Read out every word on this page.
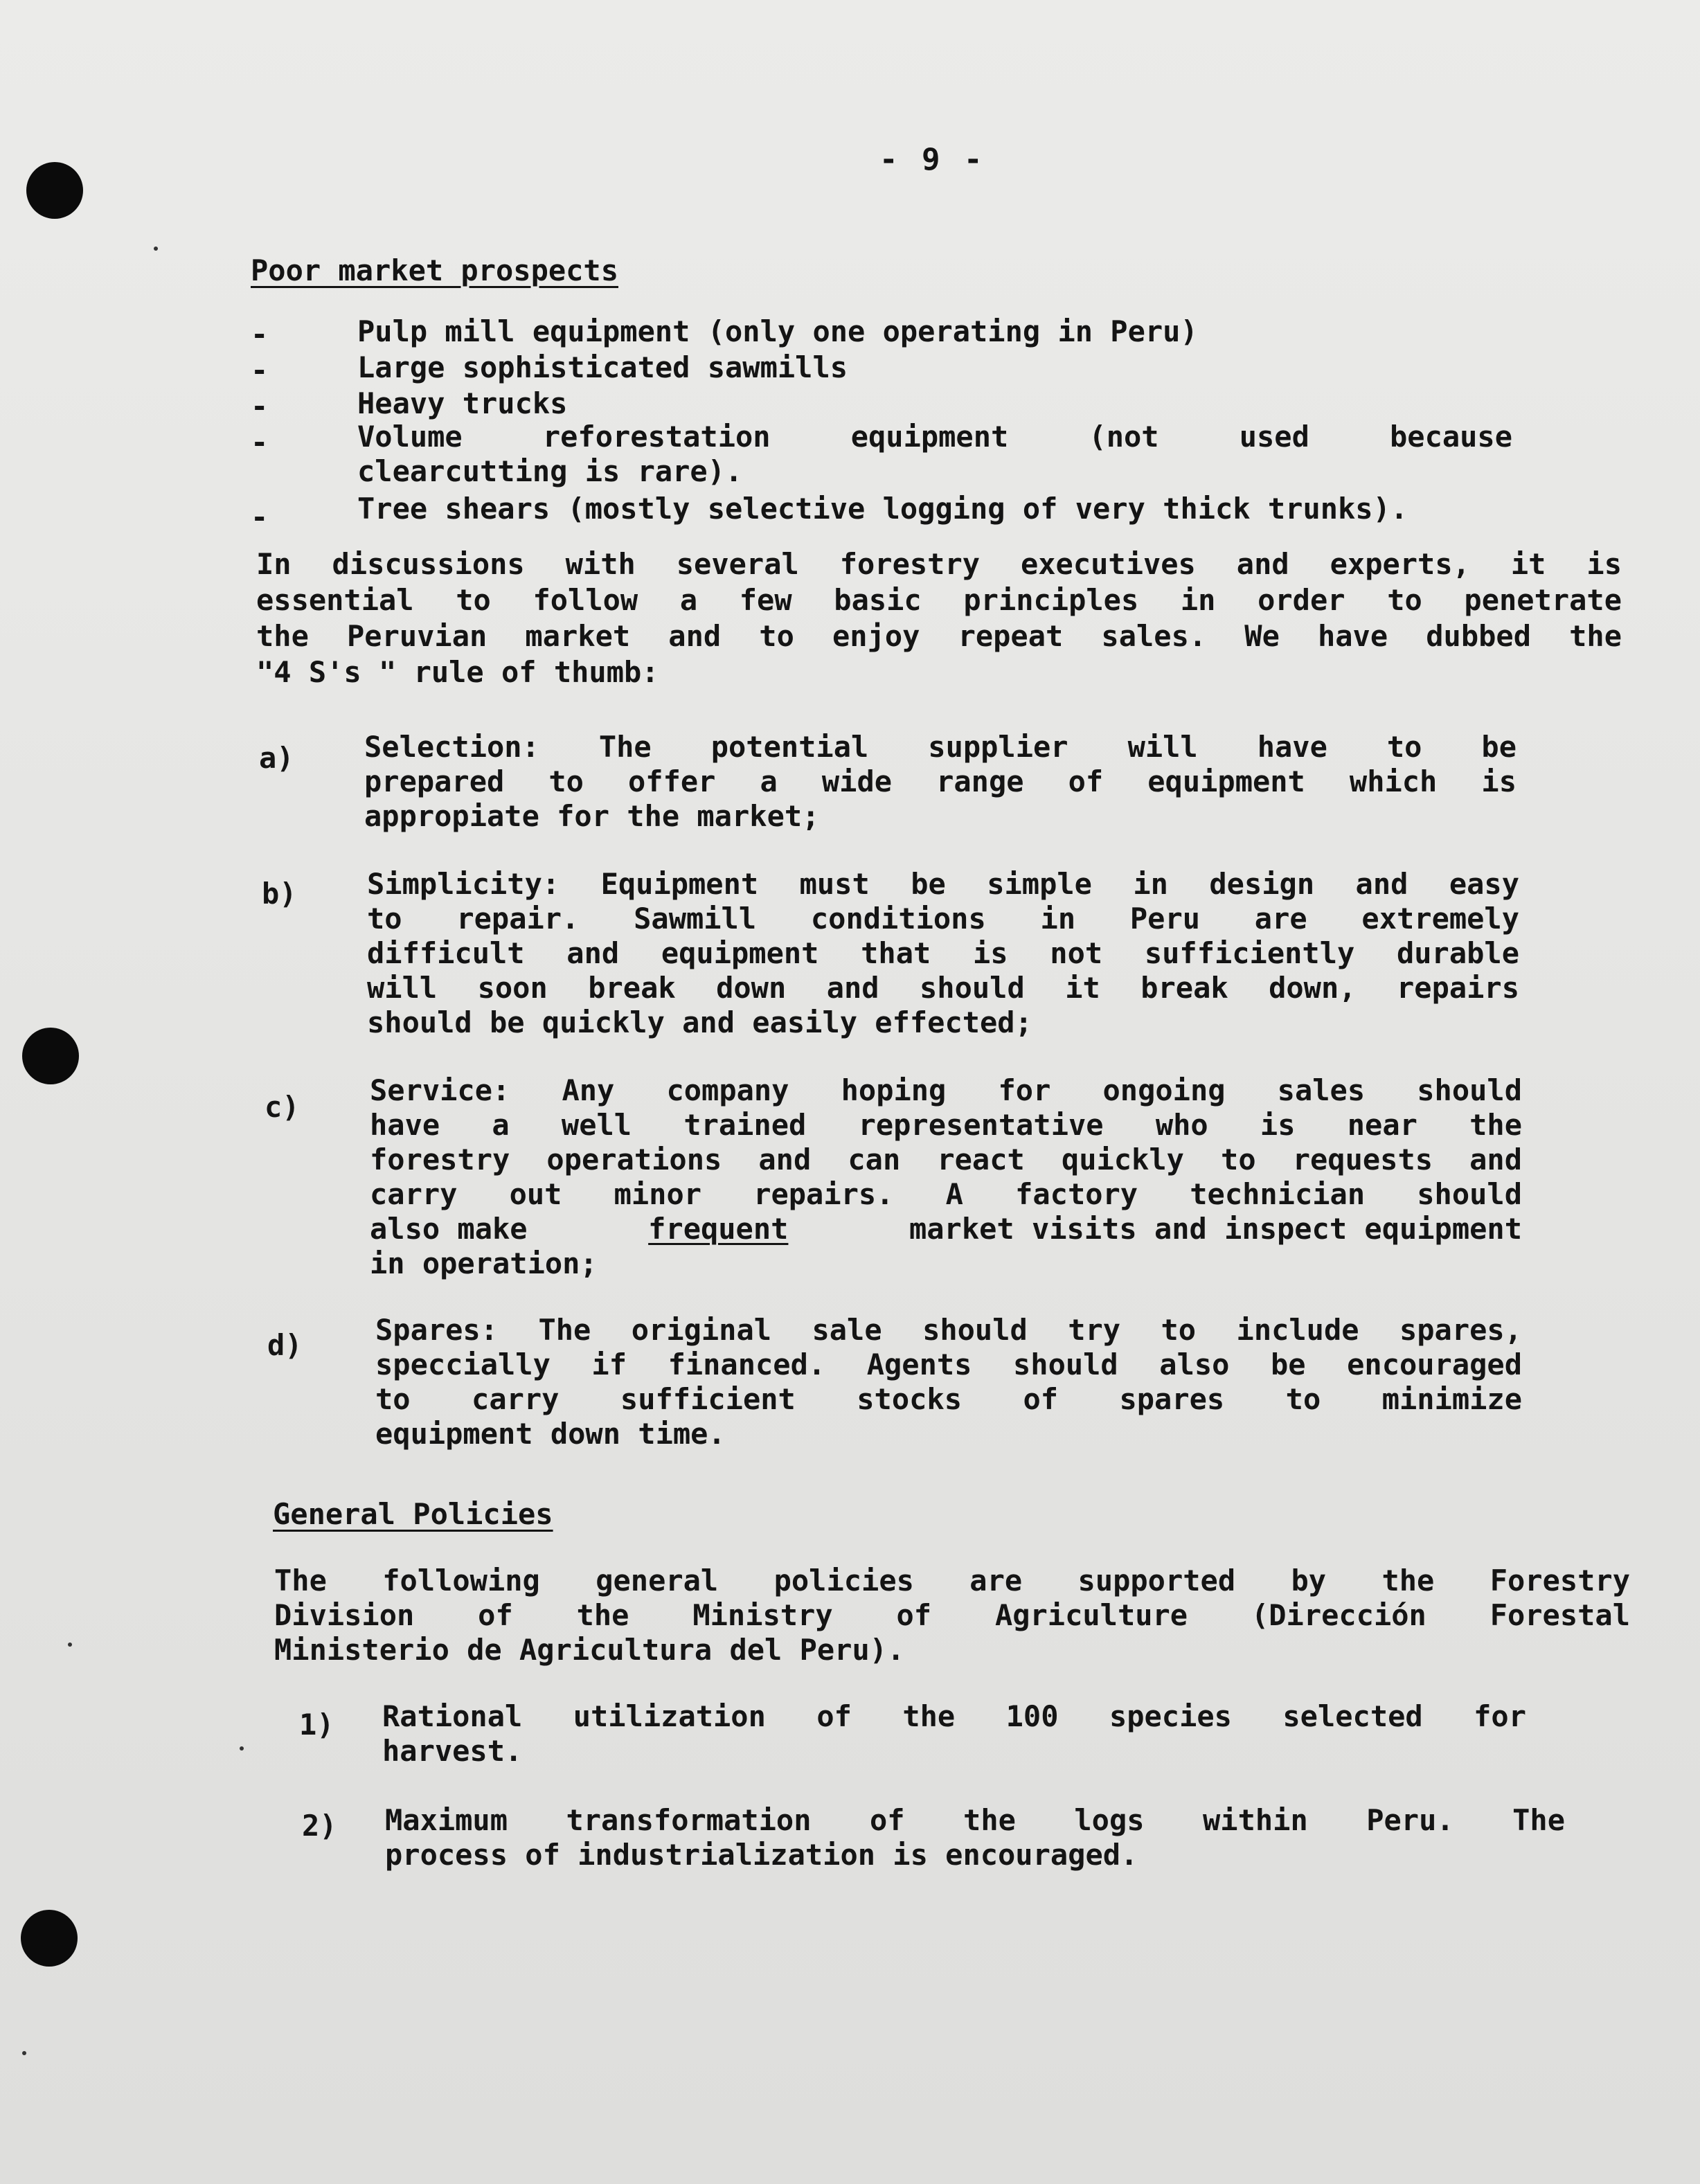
- 9 -
Poor market prospects
-	Pulp mill equipment (only one operating in Peru)
-	Large sophisticated sawmills
-	Heavy trucks
-	Volume reforestation equipment (not used because
clearcutting is rare).
-	Tree shears (mostly selective logging of very thick trunks).
In discussions with several forestry executives and experts, it is
essential to follow a few basic principles in order to penetrate
the Peruvian market and to enjoy repeat sales. We have dubbed the
"4 S's " rule of thumb:
a) Selection: The potential supplier will have to be
prepared to offer a wide range of equipment which is
appropiate for the market;
b) Simplicity: Equipment must be simple in design and easy
to repair. Sawmill conditions in Peru are extremely
difficult and equipment that is not sufficiently durable
will soon break down and should it break down, repairs
should be quickly and easily effected;
c) Service: Any company hoping for ongoing sales should
have a well trained representative who is near the
forestry operations and can react quickly to requests and
carry out minor repairs. A factory technician should
also make	frequent	market visits and inspect equipment
in operation;
d)	Spares: The original sale should try to include spares,
speccially if financed. Agents should also be encouraged
to carry sufficient stocks of spares to minimize
equipment down time.
General Policies
The following general policies are supported by the Forestry
Division of the Ministry of Agriculture (Dirección Forestal
Ministerio de Agricultura del Peru).
1) Rational utilization of the 100 species selected for
harvest.
2) Maximum transformation of the logs within Peru. The
process of industrialization is encouraged.
